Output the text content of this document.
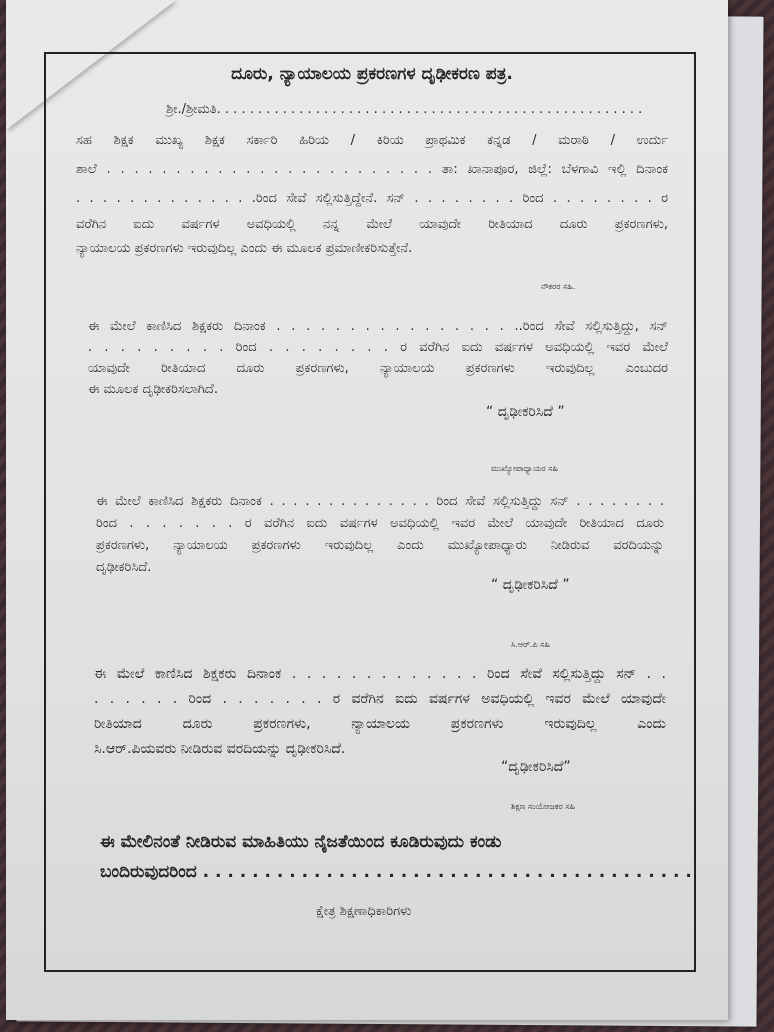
ದೂರು, ನ್ಯಾಯಾಲಯ ಪ್ರಕರಣಗಳ ದೃಢೀಕರಣ ಪತ್ರ.
ಶ್ರೀ./ಶ್ರೀಮತಿ. . . . . . . . . . . . . . . . . . . . . . . . . . . . . . . . . . . . . . . . . . . . . . . . . . . .
ಸಹ ಶಿಕ್ಷಕ ಮುಖ್ಯ ಶಿಕ್ಷಕ ಸರ್ಕಾರಿ ಹಿರಿಯ / ಕಿರಿಯ ಪ್ರಾಥಮಿಕ ಕನ್ನಡ / ಮರಾಠಿ / ಉರ್ದು
ಶಾಲೆ . . . . . . . . . . . . . . . . . . . . . . . . ತಾ: ಖಾನಾಪೂರ, ಜಿಲ್ಲೆ: ಬೆಳಗಾವಿ ಇಲ್ಲಿ ದಿನಾಂಕ
. . . . . . . . . . . . . .ರಿಂದ ಸೇವೆ ಸಲ್ಲಿಸುತ್ತಿದ್ದೇನೆ. ಸನ್ . . . . . . . . ರಿಂದ . . . . . . . . ರ
ವರೆಗಿನ ಐದು ವರ್ಷಗಳ ಅವಧಿಯಲ್ಲಿ ನನ್ನ ಮೇಲೆ ಯಾವುದೇ ರೀತಿಯಾದ ದೂರು ಪ್ರಕರಣಗಳು,
ನ್ಯಾಯಾಲಯ ಪ್ರಕರಣಗಳು ಇರುವುದಿಲ್ಲ ಎಂದು ಈ ಮೂಲಕ ಪ್ರಮಾಣೀಕರಿಸುತ್ತೇನೆ.
ನೌಕರರ ಸಹಿ.
ಈ ಮೇಲೆ ಕಾಣಿಸಿದ ಶಿಕ್ಷಕರು ದಿನಾಂಕ . . . . . . . . . . . . . . . . ..ರಿಂದ ಸೇವೆ ಸಲ್ಲಿಸುತ್ತಿದ್ದು, ಸನ್
. . . . . . . . . ರಿಂದ . . . . . . . . ರ ವರೆಗಿನ ಐದು ವರ್ಷಗಳ ಅವಧಿಯಲ್ಲಿ ಇವರ ಮೇಲೆ
ಯಾವುದೇ ರೀತಿಯಾದ ದೂರು ಪ್ರಕರಣಗಳು, ನ್ಯಾಯಾಲಯ ಪ್ರಕರಣಗಳು ಇರುವುದಿಲ್ಲ ಎಂಬುದರ
ಈ ಮೂಲಕ ದೃಢೀಕರಿಸಲಾಗಿದೆ.
“ ದೃಢೀಕರಿಸಿದೆ ”
ಮುಖ್ಯೋಪಾಧ್ಯಾಯರ ಸಹಿ
ಈ ಮೇಲೆ ಕಾಣಿಸಿದ ಶಿಕ್ಷಕರು ದಿನಾಂಕ . . . . . . . . . . . . . . ರಿಂದ ಸೇವೆ ಸಲ್ಲಿಸುತ್ತಿದ್ದು ಸನ್ . . . . . . . .
ರಿಂದ . . . . . . . ರ ವರೆಗಿನ ಐದು ವರ್ಷಗಳ ಅವಧಿಯಲ್ಲಿ ಇವರ ಮೇಲೆ ಯಾವುದೇ ರೀತಿಯಾದ ದೂರು
ಪ್ರಕರಣಗಳು, ನ್ಯಾಯಾಲಯ ಪ್ರಕರಣಗಳು ಇರುವುದಿಲ್ಲ ಎಂದು ಮುಖ್ಯೋಪಾಧ್ಯಾರು ನೀಡಿರುವ ವರದಿಯನ್ನು
ದೃಢೀಕರಿಸಿದೆ.
“ ದೃಢೀಕರಿಸಿದೆ ”
ಸಿ.ಆರ್.ಪಿ ಸಹಿ
ಈ ಮೇಲೆ ಕಾಣಿಸಿದ ಶಿಕ್ಷಕರು ದಿನಾಂಕ . . . . . . . . . . . . . ರಿಂದ ಸೇವೆ ಸಲ್ಲಿಸುತ್ತಿದ್ದು ಸನ್ . .
. . . . . . ರಿಂದ . . . . . . . ರ ವರೆಗಿನ ಐದು ವರ್ಷಗಳ ಅವಧಿಯಲ್ಲಿ ಇವರ ಮೇಲೆ ಯಾವುದೇ
ರೀತಿಯಾದ ದೂರು ಪ್ರಕರಣಗಳು, ನ್ಯಾಯಾಲಯ ಪ್ರಕರಣಗಳು ಇರುವುದಿಲ್ಲ ಎಂದು
ಸಿ.ಆರ್.ಪಿಯವರು ನೀಡಿರುವ ವರದಿಯನ್ನು ದೃಢೀಕರಿಸಿದೆ.
“ದೃಢೀಕರಿಸಿದೆ”
ಶಿಕ್ಷಣ ಸಂಯೋಜಕರ ಸಹಿ
ಈ ಮೇಲಿನಂತೆ ನೀಡಿರುವ ಮಾಹಿತಿಯು ನೈಜತೆಯಿಂದ ಕೂಡಿರುವುದು ಕಂಡು
ಬಂದಿರುವುದರಿಂದ . . . . . . . . . . . . . . . . . . . . . . . . . . . . . . . . . . . . . . . .
ಕ್ಷೇತ್ರ ಶಿಕ್ಷಣಾಧಿಕಾರಿಗಳು
